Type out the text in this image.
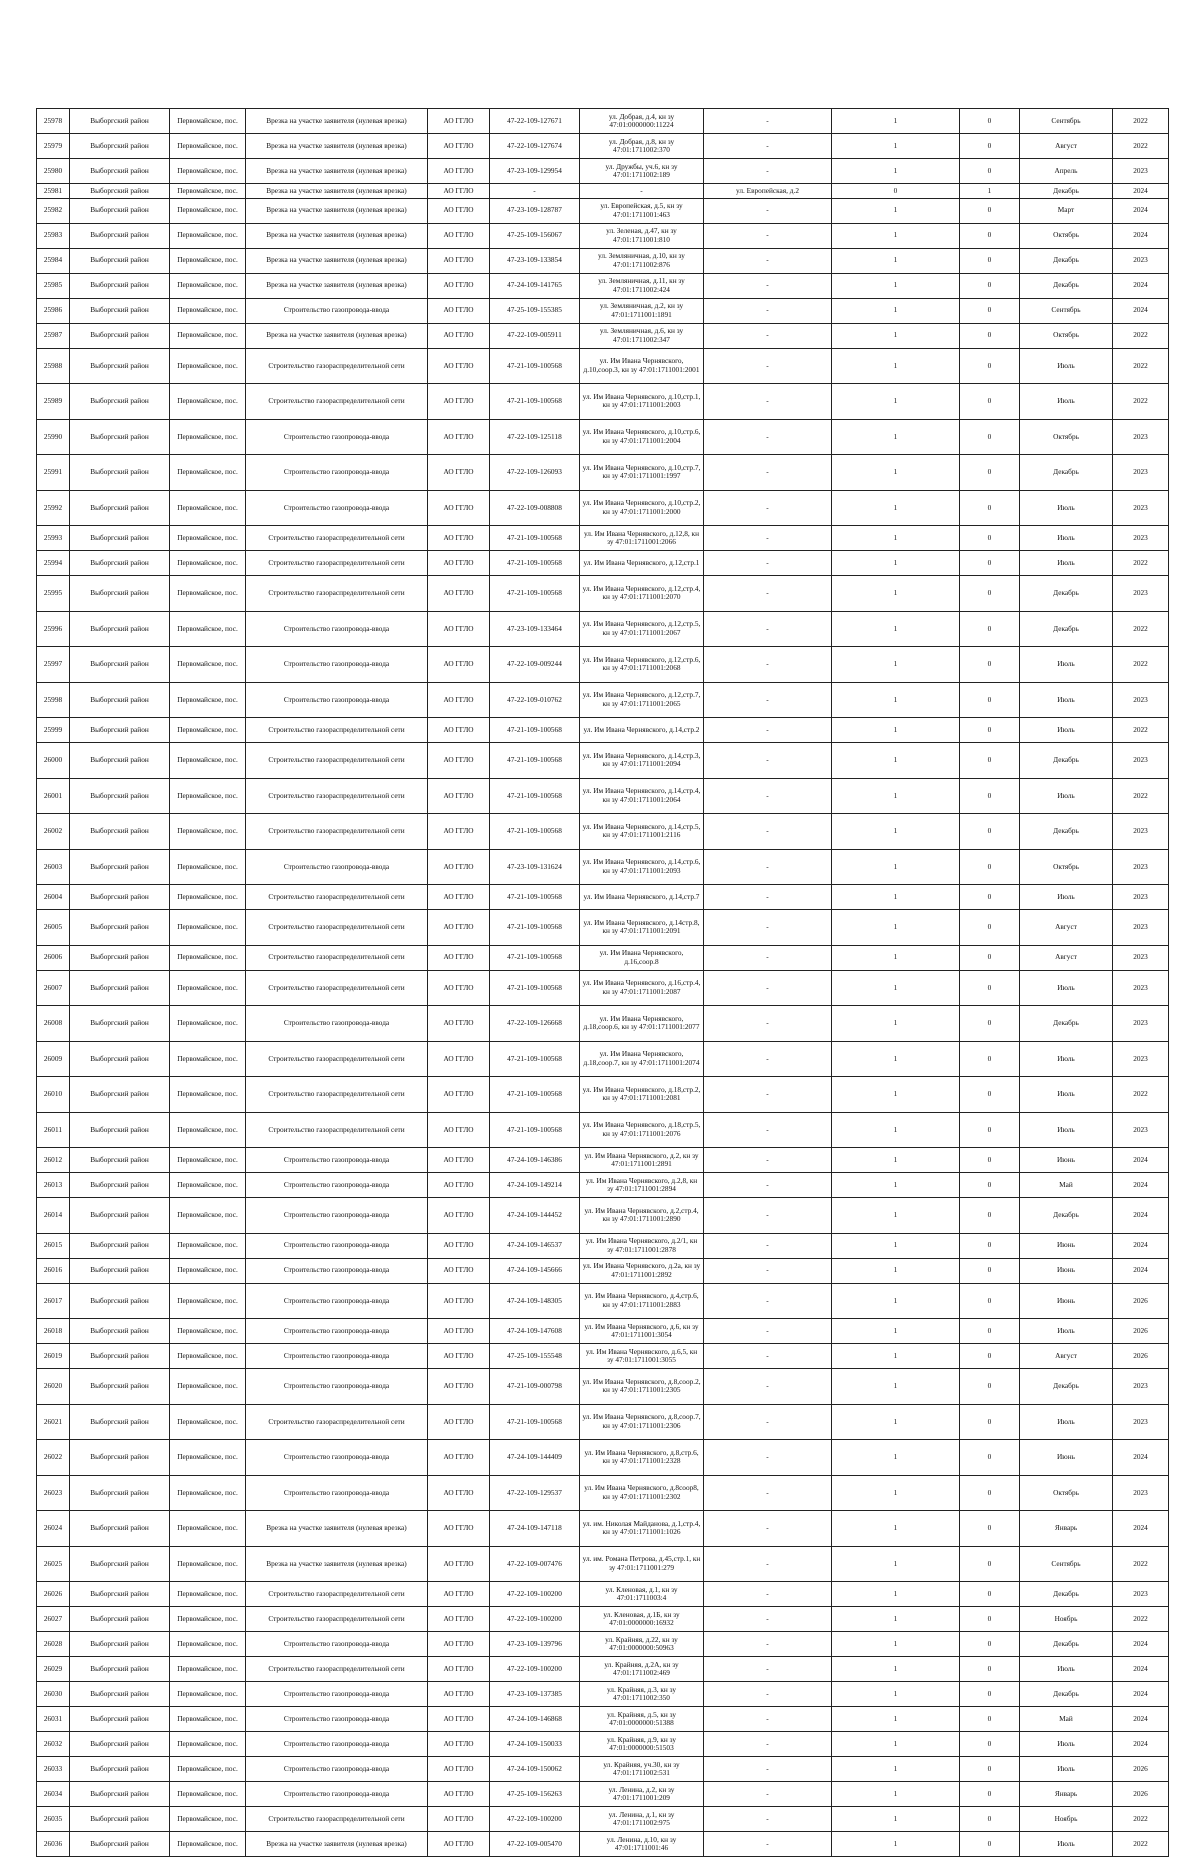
25978	Выборгский район	Первомайское, пос.	Врезка на участке заявителя (нулевая врезка)	АО ГГЛО	47-22-109-127671	ул. Добрая, д.4, кн зу 47:01:0000000:11224	-	1	0	Сентябрь	2022
25979	Выборгский район	Первомайское, пос.	Врезка на участке заявителя (нулевая врезка)	АО ГГЛО	47-22-109-127674	ул. Добрая, д.8, кн зу 47:01:1711002:370	-	1	0	Август	2022
25980	Выборгский район	Первомайское, пос.	Врезка на участке заявителя (нулевая врезка)	АО ГГЛО	47-23-109-129954	ул. Дружбы, уч.6, кн зу 47:01:1711002:189	-	1	0	Апрель	2023
25981	Выборгский район	Первомайское, пос.	Врезка на участке заявителя (нулевая врезка)	АО ГГЛО	-	-	ул. Европейская, д.2	0	1	Декабрь	2024
25982	Выборгский район	Первомайское, пос.	Врезка на участке заявителя (нулевая врезка)	АО ГГЛО	47-23-109-128787	ул. Европейская, д.5, кн зу 47:01:1711001:463	-	1	0	Март	2024
25983	Выборгский район	Первомайское, пос.	Врезка на участке заявителя (нулевая врезка)	АО ГГЛО	47-25-109-156067	ул. Зеленая, д.47, кн зу 47:01:1711001:810	-	1	0	Октябрь	2024
25984	Выборгский район	Первомайское, пос.	Врезка на участке заявителя (нулевая врезка)	АО ГГЛО	47-23-109-133854	ул. Земляничная, д.10, кн зу 47:01:1711002:876	-	1	0	Декабрь	2023
25985	Выборгский район	Первомайское, пос.	Врезка на участке заявителя (нулевая врезка)	АО ГГЛО	47-24-109-141765	ул. Земляничная, д.11, кн зу 47:01:1711002:424	-	1	0	Декабрь	2024
25986	Выборгский район	Первомайское, пос.	Строительство газопровода-ввода	АО ГГЛО	47-25-109-155385	ул. Земляничная, д.2, кн зу 47:01:1711001:1891	-	1	0	Сентябрь	2024
25987	Выборгский район	Первомайское, пос.	Врезка на участке заявителя (нулевая врезка)	АО ГГЛО	47-22-109-005911	ул. Земляничная, д.6, кн зу 47:01:1711002:347	-	1	0	Октябрь	2022
25988	Выборгский район	Первомайское, пос.	Строительство газораспределительной сети	АО ГГЛО	47-21-109-100568	ул. Им Ивана Чернявского, д.10,соор.3, кн зу 47:01:1711001:2001	-	1	0	Июль	2022
25989	Выборгский район	Первомайское, пос.	Строительство газораспределительной сети	АО ГГЛО	47-21-109-100568	ул. Им Ивана Чернявского, д.10,стр.1, кн зу 47:01:1711001:2003	-	1	0	Июль	2022
25990	Выборгский район	Первомайское, пос.	Строительство газопровода-ввода	АО ГГЛО	47-22-109-125118	ул. Им Ивана Чернявского, д.10,стр.6, кн зу 47:01:1711001:2004	-	1	0	Октябрь	2023
25991	Выборгский район	Первомайское, пос.	Строительство газопровода-ввода	АО ГГЛО	47-22-109-126093	ул. Им Ивана Чернявского, д.10,стр.7, кн зу 47:01:1711001:1997	-	1	0	Декабрь	2023
25992	Выборгский район	Первомайское, пос.	Строительство газопровода-ввода	АО ГГЛО	47-22-109-008808	ул. Им Ивана Чернявского, д.10,стр.2, кн зу 47:01:1711001:2000	-	1	0	Июль	2023
25993	Выборгский район	Первомайское, пос.	Строительство газораспределительной сети	АО ГГЛО	47-21-109-100568	ул. Им Ивана Чернявского, д.12,8, кн зу 47:01:1711001:2066	-	1	0	Июль	2023
25994	Выборгский район	Первомайское, пос.	Строительство газораспределительной сети	АО ГГЛО	47-21-109-100568	ул. Им Ивана Чернявского, д.12,стр.1	-	1	0	Июль	2022
25995	Выборгский район	Первомайское, пос.	Строительство газораспределительной сети	АО ГГЛО	47-21-109-100568	ул. Им Ивана Чернявского, д.12,стр.4, кн зу 47:01:1711001:2070	-	1	0	Декабрь	2023
25996	Выборгский район	Первомайское, пос.	Строительство газопровода-ввода	АО ГГЛО	47-23-109-133464	ул. Им Ивана Чернявского, д.12,стр.5, кн зу 47:01:1711001:2067	-	1	0	Декабрь	2022
25997	Выборгский район	Первомайское, пос.	Строительство газопровода-ввода	АО ГГЛО	47-22-109-009244	ул. Им Ивана Чернявского, д.12,стр.6, кн зу 47:01:1711001:2068	-	1	0	Июль	2022
25998	Выборгский район	Первомайское, пос.	Строительство газопровода-ввода	АО ГГЛО	47-22-109-010762	ул. Им Ивана Чернявского, д.12,стр.7, кн зу 47:01:1711001:2065	-	1	0	Июль	2023
25999	Выборгский район	Первомайское, пос.	Строительство газораспределительной сети	АО ГГЛО	47-21-109-100568	ул. Им Ивана Чернявского, д.14,стр.2	-	1	0	Июль	2022
26000	Выборгский район	Первомайское, пос.	Строительство газораспределительной сети	АО ГГЛО	47-21-109-100568	ул. Им Ивана Чернявского, д.14,стр.3, кн зу 47:01:1711001:2094	-	1	0	Декабрь	2023
26001	Выборгский район	Первомайское, пос.	Строительство газораспределительной сети	АО ГГЛО	47-21-109-100568	ул. Им Ивана Чернявского, д.14,стр.4, кн зу 47:01:1711001:2064	-	1	0	Июль	2022
26002	Выборгский район	Первомайское, пос.	Строительство газораспределительной сети	АО ГГЛО	47-21-109-100568	ул. Им Ивана Чернявского, д.14,стр.5, кн зу 47:01:1711001:2116	-	1	0	Декабрь	2023
26003	Выборгский район	Первомайское, пос.	Строительство газопровода-ввода	АО ГГЛО	47-23-109-131624	ул. Им Ивана Чернявского, д.14,стр.6, кн зу 47:01:1711001:2093	-	1	0	Октябрь	2023
26004	Выборгский район	Первомайское, пос.	Строительство газораспределительной сети	АО ГГЛО	47-21-109-100568	ул. Им Ивана Чернявского, д.14,стр.7	-	1	0	Июль	2023
26005	Выборгский район	Первомайское, пос.	Строительство газораспределительной сети	АО ГГЛО	47-21-109-100568	ул. Им Ивана Чернявского, д.14стр.8, кн зу 47:01:1711001:2091	-	1	0	Август	2023
26006	Выборгский район	Первомайское, пос.	Строительство газораспределительной сети	АО ГГЛО	47-21-109-100568	ул. Им Ивана Чернявского, д.16,соор.8	-	1	0	Август	2023
26007	Выборгский район	Первомайское, пос.	Строительство газораспределительной сети	АО ГГЛО	47-21-109-100568	ул. Им Ивана Чернявского, д.16,стр.4, кн зу 47:01:1711001:2087	-	1	0	Июль	2023
26008	Выборгский район	Первомайское, пос.	Строительство газопровода-ввода	АО ГГЛО	47-22-109-126668	ул. Им Ивана Чернявского, д.18,соор.6, кн зу 47:01:1711001:2077	-	1	0	Декабрь	2023
26009	Выборгский район	Первомайское, пос.	Строительство газораспределительной сети	АО ГГЛО	47-21-109-100568	ул. Им Ивана Чернявского, д.18,соор.7, кн зу 47:01:1711001:2074	-	1	0	Июль	2023
26010	Выборгский район	Первомайское, пос.	Строительство газораспределительной сети	АО ГГЛО	47-21-109-100568	ул. Им Ивана Чернявского, д.18,стр.2, кн зу 47:01:1711001:2081	-	1	0	Июль	2022
26011	Выборгский район	Первомайское, пос.	Строительство газораспределительной сети	АО ГГЛО	47-21-109-100568	ул. Им Ивана Чернявского, д.18,стр.5, кн зу 47:01:1711001:2076	-	1	0	Июль	2023
26012	Выборгский район	Первомайское, пос.	Строительство газопровода-ввода	АО ГГЛО	47-24-109-146386	ул. Им Ивана Чернявского, д.2, кн зу 47:01:1711001:2891	-	1	0	Июнь	2024
26013	Выборгский район	Первомайское, пос.	Строительство газопровода-ввода	АО ГГЛО	47-24-109-149214	ул. Им Ивана Чернявского, д.2,8, кн зу 47:01:1711001:2894	-	1	0	Май	2024
26014	Выборгский район	Первомайское, пос.	Строительство газопровода-ввода	АО ГГЛО	47-24-109-144452	ул. Им Ивана Чернявского, д.2,стр.4, кн зу 47:01:1711001:2890	-	1	0	Декабрь	2024
26015	Выборгский район	Первомайское, пос.	Строительство газопровода-ввода	АО ГГЛО	47-24-109-146537	ул. Им Ивана Чернявского, д.2/1, кн зу 47:01:1711001:2878	-	1	0	Июнь	2024
26016	Выборгский район	Первомайское, пос.	Строительство газопровода-ввода	АО ГГЛО	47-24-109-145666	ул. Им Ивана Чернявского, д.2а, кн зу 47:01:1711001:2892	-	1	0	Июнь	2024
26017	Выборгский район	Первомайское, пос.	Строительство газопровода-ввода	АО ГГЛО	47-24-109-148305	ул. Им Ивана Чернявского, д.4,стр.6, кн зу 47:01:1711001:2883	-	1	0	Июнь	2026
26018	Выборгский район	Первомайское, пос.	Строительство газопровода-ввода	АО ГГЛО	47-24-109-147608	ул. Им Ивана Чернявского, д.6, кн зу 47:01:1711001:3054	-	1	0	Июль	2026
26019	Выборгский район	Первомайское, пос.	Строительство газопровода-ввода	АО ГГЛО	47-25-109-155548	ул. Им Ивана Чернявского, д.6,5, кн зу 47:01:1711001:3055	-	1	0	Август	2026
26020	Выборгский район	Первомайское, пос.	Строительство газопровода-ввода	АО ГГЛО	47-21-109-000798	ул. Им Ивана Чернявского, д.8,соор.2, кн зу 47:01:1711001:2305	-	1	0	Декабрь	2023
26021	Выборгский район	Первомайское, пос.	Строительство газораспределительной сети	АО ГГЛО	47-21-109-100568	ул. Им Ивана Чернявского, д.8,соор.7, кн зу 47:01:1711001:2306	-	1	0	Июль	2023
26022	Выборгский район	Первомайское, пос.	Строительство газопровода-ввода	АО ГГЛО	47-24-109-144409	ул. Им Ивана Чернявского, д.8,стр.6, кн зу 47:01:1711001:2328	-	1	0	Июнь	2024
26023	Выборгский район	Первомайское, пос.	Строительство газопровода-ввода	АО ГГЛО	47-22-109-129537	ул. Им Ивана Чернявского, д.8соор8, кн зу 47:01:1711001:2302	-	1	0	Октябрь	2023
26024	Выборгский район	Первомайское, пос.	Врезка на участке заявителя (нулевая врезка)	АО ГГЛО	47-24-109-147118	ул. им. Николая Майданова, д.1,стр.4, кн зу 47:01:1711001:1026	-	1	0	Январь	2024
26025	Выборгский район	Первомайское, пос.	Врезка на участке заявителя (нулевая врезка)	АО ГГЛО	47-22-109-007476	ул. им. Романа Петрова, д.45,стр.1, кн зу 47:01:1711001:279	-	1	0	Сентябрь	2022
26026	Выборгский район	Первомайское, пос.	Строительство газораспределительной сети	АО ГГЛО	47-22-109-100200	ул. Кленовая, д.1, кн зу 47:01:1711003:4	-	1	0	Декабрь	2023
26027	Выборгский район	Первомайское, пос.	Строительство газораспределительной сети	АО ГГЛО	47-22-109-100200	ул. Кленовая, д.1Б, кн зу 47:01:0000000:16932	-	1	0	Ноябрь	2022
26028	Выборгский район	Первомайское, пос.	Строительство газопровода-ввода	АО ГГЛО	47-23-109-139796	ул. Крайняя, д.22, кн зу 47:01:0000000:50963	-	1	0	Декабрь	2024
26029	Выборгский район	Первомайское, пос.	Строительство газораспределительной сети	АО ГГЛО	47-22-109-100200	ул. Крайняя, д.2А, кн зу 47:01:1711002:469	-	1	0	Июль	2024
26030	Выборгский район	Первомайское, пос.	Строительство газопровода-ввода	АО ГГЛО	47-23-109-137385	ул. Крайняя, д.3, кн зу 47:01:1711002:350	-	1	0	Декабрь	2024
26031	Выборгский район	Первомайское, пос.	Строительство газопровода-ввода	АО ГГЛО	47-24-109-146868	ул. Крайняя, д.5, кн зу 47:01:0000000:51388	-	1	0	Май	2024
26032	Выборгский район	Первомайское, пос.	Строительство газопровода-ввода	АО ГГЛО	47-24-109-150033	ул. Крайняя, д.9, кн зу 47:01:0000000:51503	-	1	0	Июль	2024
26033	Выборгский район	Первомайское, пос.	Строительство газопровода-ввода	АО ГГЛО	47-24-109-150062	ул. Крайняя, уч.30, кн зу 47:01:1711002:531	-	1	0	Июль	2026
26034	Выборгский район	Первомайское, пос.	Строительство газопровода-ввода	АО ГГЛО	47-25-109-156263	ул. Ленина, д.2, кн зу 47:01:1711001:209	-	1	0	Январь	2026
26035	Выборгский район	Первомайское, пос.	Строительство газораспределительной сети	АО ГГЛО	47-22-109-100200	ул. Ленина, д.1, кн зу 47:01:1711002:975	-	1	0	Ноябрь	2022
26036	Выборгский район	Первомайское, пос.	Врезка на участке заявителя (нулевая врезка)	АО ГГЛО	47-22-109-005470	ул. Ленина, д.10, кн зу 47:01:1711001:46	-	1	0	Июль	2022
